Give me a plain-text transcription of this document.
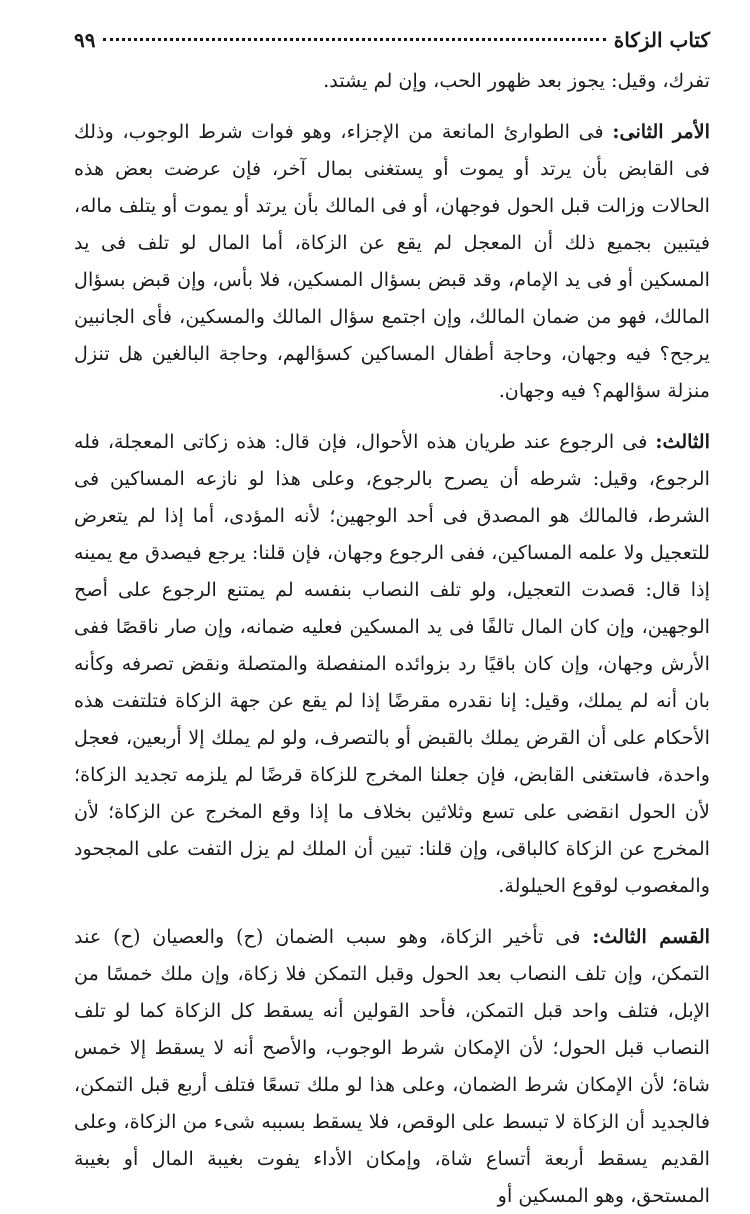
كتاب الزكاة
٩٩

تفرك، وقيل: يجوز بعد ظهور الحب، وإن لم يشتد.

الأمر الثانى: فى الطوارئ المانعة من الإجزاء، وهو فوات شرط الوجوب، وذلك فى القابض بأن يرتد أو يموت أو يستغنى بمال آخر، فإن عرضت بعض هذه الحالات وزالت قبل الحول فوجهان، أو فى المالك بأن يرتد أو يموت أو يتلف ماله، فيتبين بجميع ذلك أن المعجل لم يقع عن الزكاة، أما المال لو تلف فى يد المسكين أو فى يد الإمام، وقد قبض بسؤال المسكين، فلا بأس، وإن قبض بسؤال المالك، فهو من ضمان المالك، وإن اجتمع سؤال المالك والمسكين، فأى الجانبين يرجح؟ فيه وجهان، وحاجة أطفال المساكين كسؤالهم، وحاجة البالغين هل تنزل منزلة سؤالهم؟ فيه وجهان.

الثالث: فى الرجوع عند طريان هذه الأحوال، فإن قال: هذه زكاتى المعجلة، فله الرجوع، وقيل: شرطه أن يصرح بالرجوع، وعلى هذا لو نازعه المساكين فى الشرط، فالمالك هو المصدق فى أحد الوجهين؛ لأنه المؤدى، أما إذا لم يتعرض للتعجيل ولا علمه المساكين، ففى الرجوع وجهان، فإن قلنا: يرجع فيصدق مع يمينه إذا قال: قصدت التعجيل، ولو تلف النصاب بنفسه لم يمتنع الرجوع على أصح الوجهين، وإن كان المال تالفًا فى يد المسكين فعليه ضمانه، وإن صار ناقصًا ففى الأرش وجهان، وإن كان باقيًا رد بزوائده المنفصلة والمتصلة ونقض تصرفه وكأنه بان أنه لم يملك، وقيل: إنا نقدره مقرضًا إذا لم يقع عن جهة الزكاة فتلتفت هذه الأحكام على أن القرض يملك بالقبض أو بالتصرف، ولو لم يملك إلا أربعين، فعجل واحدة، فاستغنى القابض، فإن جعلنا المخرج للزكاة قرضًا لم يلزمه تجديد الزكاة؛ لأن الحول انقضى على تسع وثلاثين بخلاف ما إذا وقع المخرج عن الزكاة؛ لأن المخرج عن الزكاة كالباقى، وإن قلنا: تبين أن الملك لم يزل التفت على المجحود والمغصوب لوقوع الحيلولة.

القسم الثالث: فى تأخير الزكاة، وهو سبب الضمان (ح) والعصيان (ح) عند التمكن، وإن تلف النصاب بعد الحول وقبل التمكن فلا زكاة، وإن ملك خمسًا من الإبل، فتلف واحد قبل التمكن، فأحد القولين أنه يسقط كل الزكاة كما لو تلف النصاب قبل الحول؛ لأن الإمكان شرط الوجوب، والأصح أنه لا يسقط إلا خمس شاة؛ لأن الإمكان شرط الضمان، وعلى هذا لو ملك تسعًا فتلف أربع قبل التمكن، فالجديد أن الزكاة لا تبسط على الوقص، فلا يسقط بسببه شىء من الزكاة، وعلى القديم يسقط أربعة أتساع شاة، وإمكان الأداء يفوت بغيبة المال أو بغيبة المستحق، وهو المسكين أو
